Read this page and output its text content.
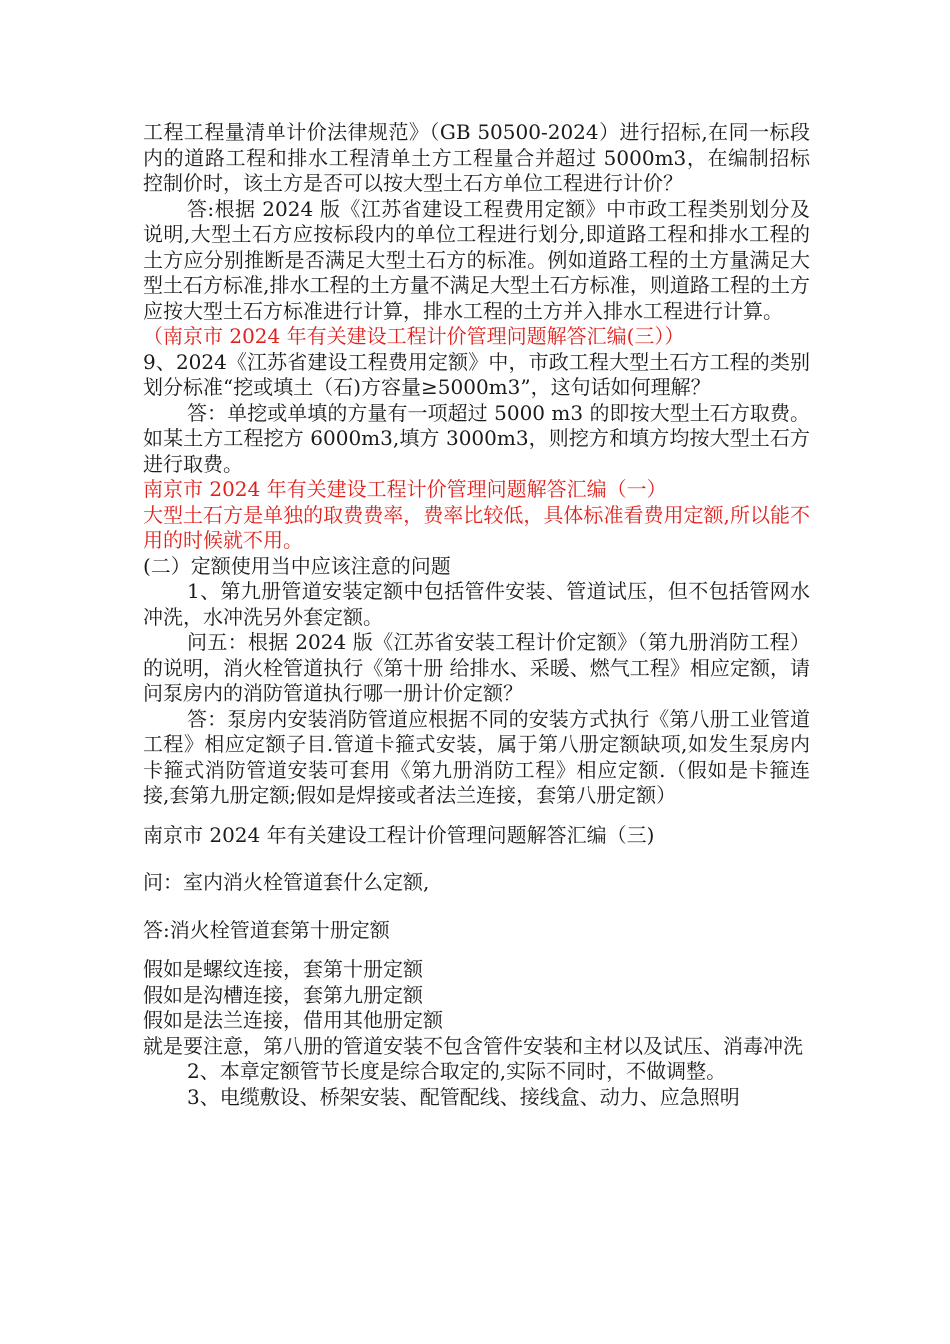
工程工程量清单计价法律规范》（GB 50500-2024）进行招标,在同一标段内的道路工程和排水工程清单土方工程量合并超过 5000m3，在编制招标控制价时，该土方是否可以按大型土石方单位工程进行计价？

答:根据 2024 版《江苏省建设工程费用定额》中市政工程类别划分及说明,大型土石方应按标段内的单位工程进行划分,即道路工程和排水工程的土方应分别推断是否满足大型土石方的标准。例如道路工程的土方量满足大型土石方标准,排水工程的土方量不满足大型土石方标准，则道路工程的土方应按大型土石方标准进行计算，排水工程的土方并入排水工程进行计算。

（南京市 2024 年有关建设工程计价管理问题解答汇编(三））

9、2024《江苏省建设工程费用定额》中，市政工程大型土石方工程的类别划分标准“挖或填土（石)方容量≥5000m3”，这句话如何理解？

答：单挖或单填的方量有一项超过 5000 m3 的即按大型土石方取费。如某土方工程挖方 6000m3,填方 3000m3，则挖方和填方均按大型土石方进行取费。

南京市 2024 年有关建设工程计价管理问题解答汇编（一）

大型土石方是单独的取费费率，费率比较低，具体标准看费用定额,所以能不用的时候就不用。

(二）定额使用当中应该注意的问题

1、第九册管道安装定额中包括管件安装、管道试压，但不包括管网水冲洗，水冲洗另外套定额。

问五：根据 2024 版《江苏省安装工程计价定额》（第九册消防工程）的说明，消火栓管道执行《第十册 给排水、采暖、燃气工程》相应定额，请问泵房内的消防管道执行哪一册计价定额？

答：泵房内安装消防管道应根据不同的安装方式执行《第八册工业管道工程》相应定额子目.管道卡箍式安装，属于第八册定额缺项,如发生泵房内卡箍式消防管道安装可套用《第九册消防工程》相应定额.（假如是卡箍连接,套第九册定额;假如是焊接或者法兰连接，套第八册定额）

南京市 2024 年有关建设工程计价管理问题解答汇编（三)

问：室内消火栓管道套什么定额,

答:消火栓管道套第十册定额

假如是螺纹连接，套第十册定额

假如是沟槽连接，套第九册定额

假如是法兰连接，借用其他册定额

就是要注意，第八册的管道安装不包含管件安装和主材以及试压、消毒冲洗

2、本章定额管节长度是综合取定的,实际不同时，不做调整。

3、电缆敷设、桥架安装、配管配线、接线盒、动力、应急照明
